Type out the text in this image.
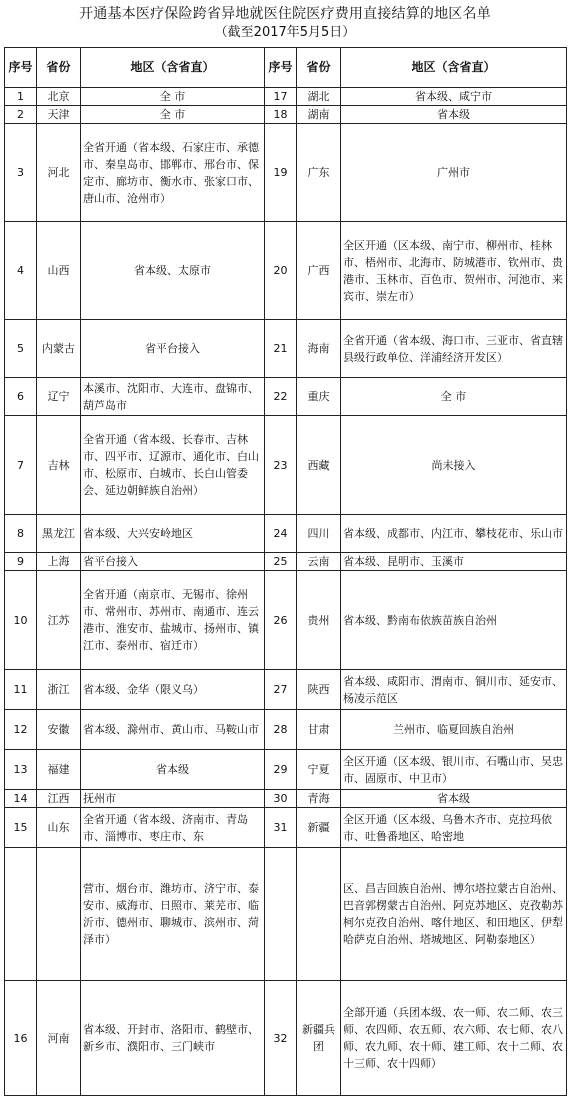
开通基本医疗保险跨省异地就医住院医疗费用直接结算的地区名单
（截至2017年5月5日）
序号	省份	地区（含省直）	序号	省份	地区（含省直）
1	北京	全 市	17	湖北	省本级、咸宁市
2	天津	全 市	18	湖南	省本级
3	河北	全省开通（省本级、石家庄市、承德市、秦皇岛市、邯郸市、邢台市、保定市、廊坊市、衡水市、张家口市、唐山市、沧州市）	19	广东	广州市
4	山西	省本级、太原市	20	广西	全区开通（区本级、南宁市、柳州市、桂林市、梧州市、北海市、防城港市、钦州市、贵港市、玉林市、百色市、贺州市、河池市、来宾市、崇左市）
5	内蒙古	省平台接入	21	海南	全省开通（省本级、海口市、三亚市、省直辖县级行政单位、洋浦经济开发区）
6	辽宁	本溪市、沈阳市、大连市、盘锦市、葫芦岛市	22	重庆	全 市
7	吉林	全省开通（省本级、长春市、吉林市、四平市、辽源市、通化市、白山市、松原市、白城市、长白山管委会、延边朝鲜族自治州）	23	西藏	尚未接入
8	黑龙江	省本级、大兴安岭地区	24	四川	省本级、成都市、内江市、攀枝花市、乐山市
9	上海	省平台接入	25	云南	省本级、昆明市、玉溪市
10	江苏	全省开通（南京市、无锡市、徐州市、常州市、苏州市、南通市、连云港市、淮安市、盐城市、扬州市、镇江市、泰州市、宿迁市）	26	贵州	省本级、黔南布依族苗族自治州
11	浙江	省本级、金华（限义乌）	27	陕西	省本级、咸阳市、渭南市、铜川市、延安市、杨凌示范区
12	安徽	省本级、滁州市、黄山市、马鞍山市	28	甘肃	兰州市、临夏回族自治州
13	福建	省本级	29	宁夏	全区开通（区本级、银川市、石嘴山市、吴忠市、固原市、中卫市）
14	江西	抚州市	30	青海	省本级
15	山东	全省开通（省本级、济南市、青岛市、淄博市、枣庄市、东	31	新疆	全区开通（区本级、乌鲁木齐市、克拉玛依市、吐鲁番地区、哈密地
		营市、烟台市、潍坊市、济宁市、泰安市、威海市、日照市、莱芜市、临沂市、德州市、聊城市、滨州市、菏泽市）			区、昌吉回族自治州、博尔塔拉蒙古自治州、巴音郭楞蒙古自治州、阿克苏地区、克孜勒苏柯尔克孜自治州、喀什地区、和田地区、伊犁哈萨克自治州、塔城地区、阿勒泰地区）
16	河南	省本级、开封市、洛阳市、鹤壁市、新乡市、濮阳市、三门峡市	32	新疆兵团	全部开通（兵团本级、农一师、农二师、农三师、农四师、农五师、农六师、农七师、农八师、农九师、农十师、建工师、农十二师、农十三师、农十四师）
